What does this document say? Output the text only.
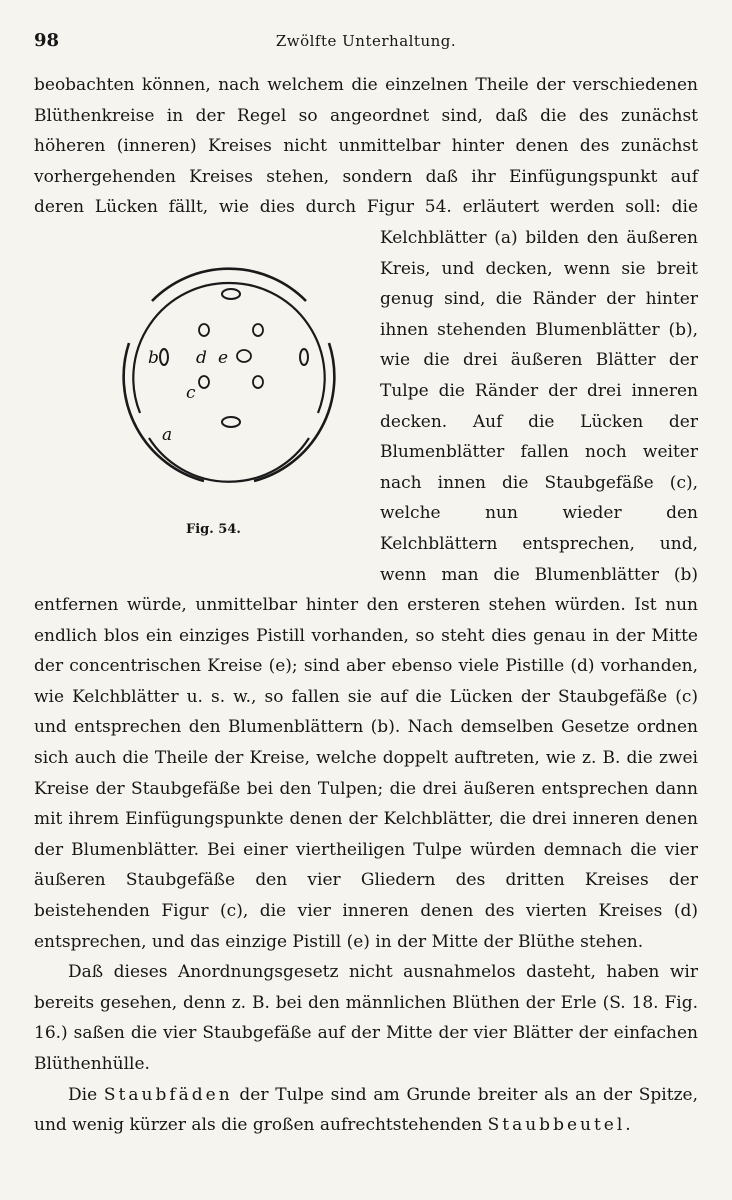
98	Zwölfte Unterhaltung.

beobachten können, nach welchem die einzelnen Theile der verschiedenen Blüthenkreise in der Regel so angeordnet sind, daß die des zunächst höheren (inneren) Kreises nicht unmittelbar hinter denen des zunächst vorhergehenden Kreises stehen, sondern daß ihr Einfügungspunkt auf deren Lücken fällt, wie dies durch Figur 54. erläutert werden soll: die Kelchblätter (a) bilden den
b d e
c
a
Fig. 54.
äußeren Kreis, und decken, wenn sie breit genug sind, die Ränder der hinter ihnen stehenden Blumenblätter (b), wie die drei äußeren Blätter der Tulpe die Ränder der drei inneren decken. Auf die Lücken der Blumenblätter fallen noch weiter nach innen die Staubgefäße (c), welche nun wieder den Kelchblättern entsprechen, und, wenn man die Blumenblätter (b) entfernen würde, unmittelbar hinter den ersteren stehen würden. Ist nun endlich blos ein einziges Pistill vorhanden, so steht dies genau in der Mitte der concentrischen Kreise (e); sind aber ebenso viele Pistille (d) vorhanden, wie Kelchblätter u. s. w., so fallen sie auf die Lücken der Staubgefäße (c) und entsprechen den Blumenblättern (b). Nach demselben Gesetze ordnen sich auch die Theile der Kreise, welche doppelt auftreten, wie z. B. die zwei Kreise der Staubgefäße bei den Tulpen; die drei äußeren entsprechen dann mit ihrem Einfügungspunkte denen der Kelchblätter, die drei inneren denen der Blumenblätter. Bei einer viertheiligen Tulpe würden demnach die vier äußeren Staubgefäße den vier Gliedern des dritten Kreises der beistehenden Figur (c), die vier inneren denen des vierten Kreises (d) entsprechen, und das einzige Pistill (e) in der Mitte der Blüthe stehen.

Daß dieses Anordnungsgesetz nicht ausnahmelos dasteht, haben wir bereits gesehen, denn z. B. bei den männlichen Blüthen der Erle (S. 18. Fig. 16.) saßen die vier Staubgefäße auf der Mitte der vier Blätter der einfachen Blüthenhülle.

Die Staubfäden der Tulpe sind am Grunde breiter als an der Spitze, und wenig kürzer als die großen aufrechtstehenden Staubbeutel.
